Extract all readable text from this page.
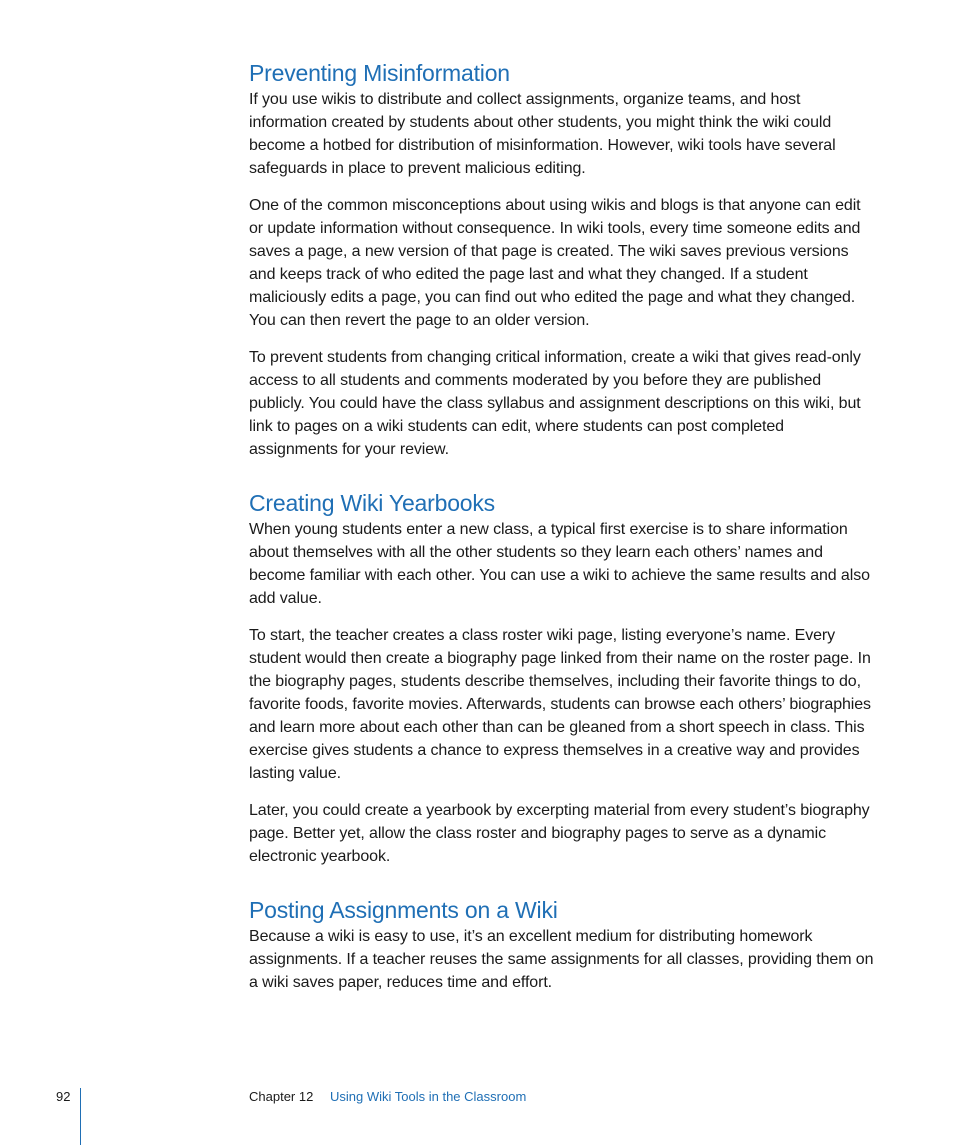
Preventing Misinformation

If you use wikis to distribute and collect assignments, organize teams, and host information created by students about other students, you might think the wiki could become a hotbed for distribution of misinformation. However, wiki tools have several safeguards in place to prevent malicious editing.

One of the common misconceptions about using wikis and blogs is that anyone can edit or update information without consequence. In wiki tools, every time someone edits and saves a page, a new version of that page is created. The wiki saves previous versions and keeps track of who edited the page last and what they changed. If a student maliciously edits a page, you can find out who edited the page and what they changed. You can then revert the page to an older version.

To prevent students from changing critical information, create a wiki that gives read-only access to all students and comments moderated by you before they are published publicly. You could have the class syllabus and assignment descriptions on this wiki, but link to pages on a wiki students can edit, where students can post completed assignments for your review.

Creating Wiki Yearbooks

When young students enter a new class, a typical first exercise is to share information about themselves with all the other students so they learn each others’ names and become familiar with each other. You can use a wiki to achieve the same results and also add value.

To start, the teacher creates a class roster wiki page, listing everyone’s name. Every student would then create a biography page linked from their name on the roster page. In the biography pages, students describe themselves, including their favorite things to do, favorite foods, favorite movies. Afterwards, students can browse each others’ biographies and learn more about each other than can be gleaned from a short speech in class. This exercise gives students a chance to express themselves in a creative way and provides lasting value.

Later, you could create a yearbook by excerpting material from every student’s biography page. Better yet, allow the class roster and biography pages to serve as a dynamic electronic yearbook.

Posting Assignments on a Wiki

Because a wiki is easy to use, it’s an excellent medium for distributing homework assignments. If a teacher reuses the same assignments for all classes, providing them on a wiki saves paper, reduces time and effort.

92	Chapter 12 Using Wiki Tools in the Classroom
